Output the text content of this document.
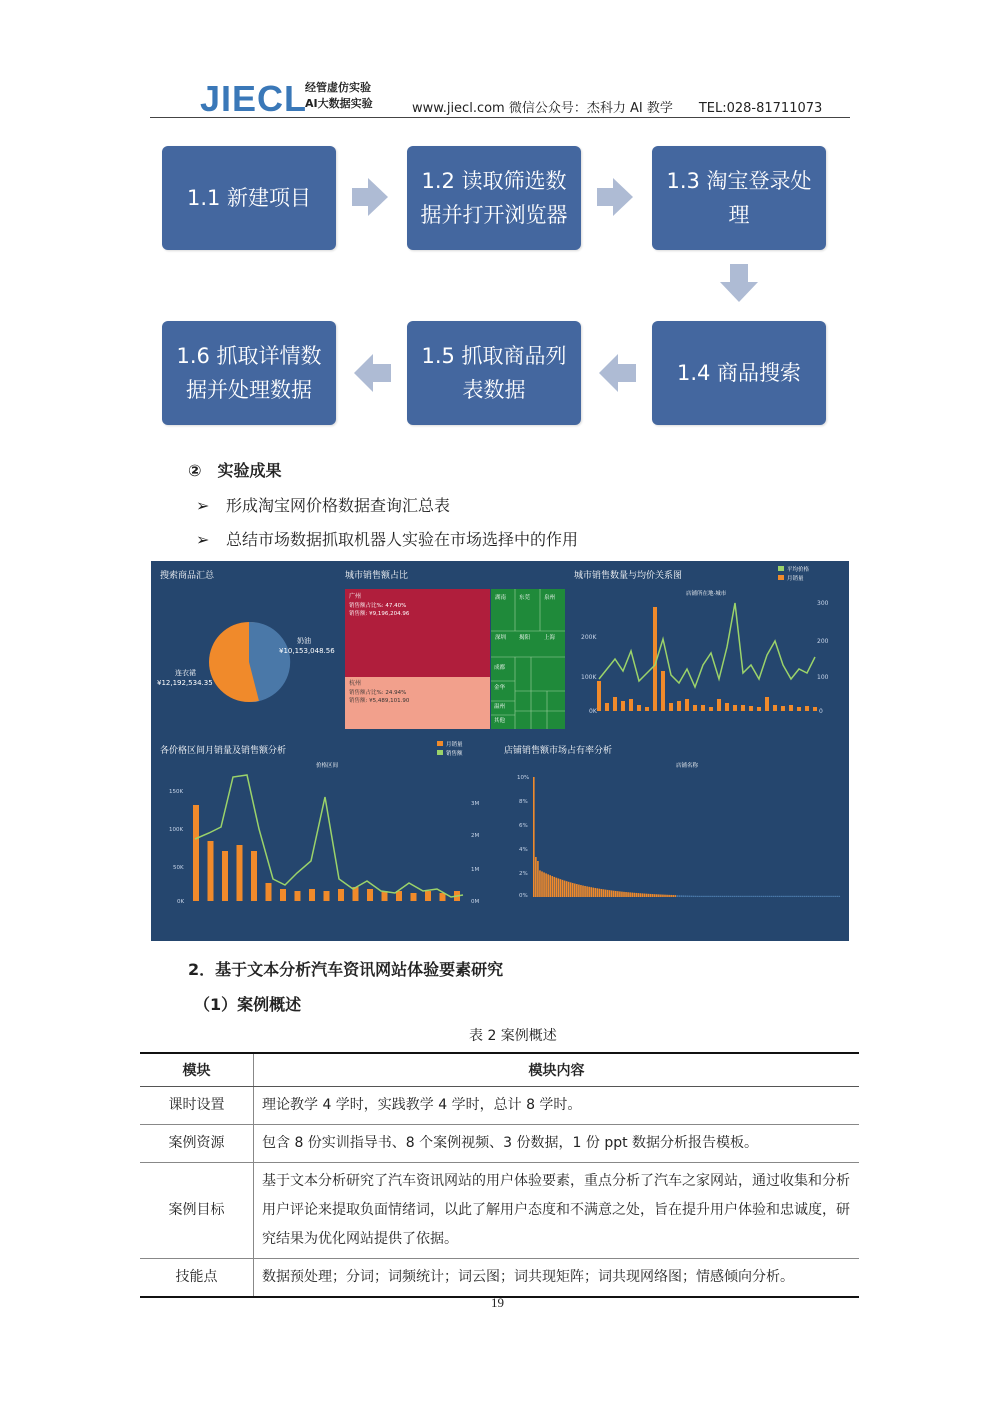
JIECL
经管虚仿实验
AI大数据实验	www.jiecl.com 微信公众号：杰科力 AI 教学　　TEL:028-81711073
1.1 新建项目
1.2 读取筛选数据并打开浏览器
1.3 淘宝登录处理
1.4 商品搜索
1.5 抓取商品列表数据
1.6 抓取详情数据并处理数据
②　实验成果
➢ 形成淘宝网价格数据查询汇总表
➢ 总结市场数据抓取机器人实验在市场选择中的作用
搜索商品汇总	城市销售额占比	城市销售数量与均价关系图
各价格区间月销量及销售额分析	店铺销售额市场占有率分析
奶油
¥10,153,048.56
连衣裙
¥12,192,534.35
广州
销售额占比%: 47.40%
销售额: ¥9,196,204.96
杭州
销售额占比%: 24.94%
销售额: ¥5,489,101.90
湖南 东莞	泉州
深圳 揭阳	上海
成都
金华
温州
其他
平均价格
月销量
店铺所在地·城市
200K
100K
0K
300
200
100
0
价格区间
月销量
销售额
150K
100K
50K
0K
3M
2M
1M
0M
店铺名称
10%
8%
6%
4%
2%
0%
2．基于文本分析汽车资讯网站体验要素研究
（1）案例概述
表 2 案例概述
模块	模块内容
课时设置	理论教学 4 学时，实践教学 4 学时，总计 8 学时。
案例资源	包含 8 份实训指导书、8 个案例视频、3 份数据，1 份 ppt 数据分析报告模板。
案例目标	基于文本分析研究了汽车资讯网站的用户体验要素，重点分析了汽车之家网站，通过收集和分析用户评论来提取负面情绪词，以此了解用户态度和不满意之处，旨在提升用户体验和忠诚度，研究结果为优化网站提供了依据。
技能点	数据预处理；分词；词频统计；词云图；词共现矩阵；词共现网络图；情感倾向分析。
19
